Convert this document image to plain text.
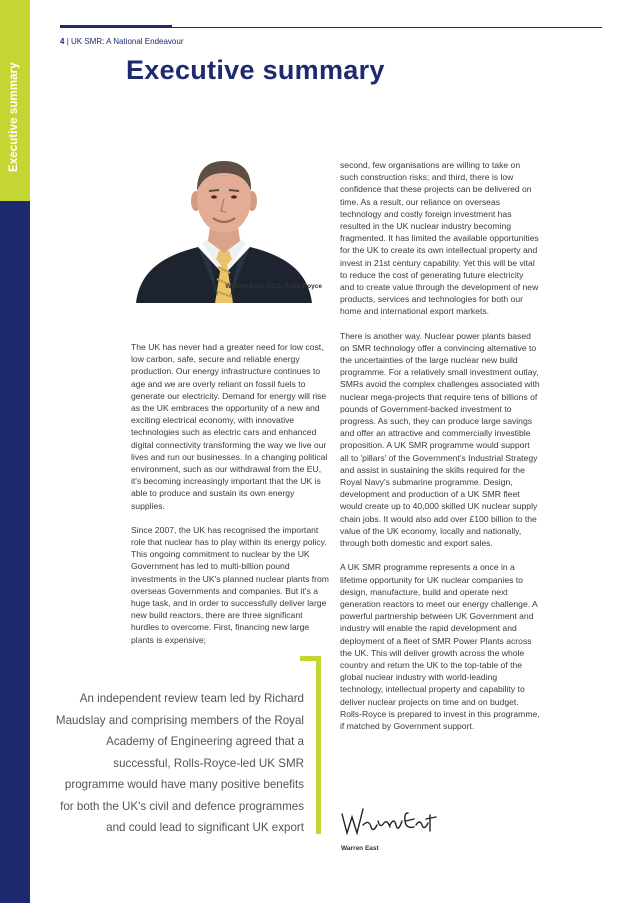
Executive summary
4 | UK SMR: A National Endeavour
Executive summary
Warren East, CEO, Rolls-Royce

The UK has never had a greater need for low cost, low carbon, safe, secure and reliable energy production. Our energy infrastructure continues to age and we are overly reliant on fossil fuels to generate our electricity. Demand for energy will rise as the UK embraces the opportunity of a new and exciting electrical economy, with innovative technologies such as electric cars and enhanced digital connectivity transforming the way we live our lives and run our businesses. In a changing political environment, such as our withdrawal from the EU, it's becoming increasingly important that the UK is able to produce and sustain its own energy supplies.

Since 2007, the UK has recognised the important role that nuclear has to play within its energy policy. This ongoing commitment to nuclear by the UK Government has led to multi-billion pound investments in the UK's planned nuclear plants from overseas Governments and companies. But it's a huge task, and in order to successfully deliver large new build reactors, there are three significant hurdles to overcome. First, financing new large plants is expensive;

second, few organisations are willing to take on such construction risks; and third, there is low confidence that these projects can be delivered on time. As a result, our reliance on overseas technology and costly foreign investment has resulted in the UK nuclear industry becoming fragmented. It has limited the available opportunities for the UK to create its own intellectual property and invest in 21st century capability. Yet this will be vital to reduce the cost of generating future electricity and to create value through the development of new products, services and technologies for both our home and international export markets.

There is another way. Nuclear power plants based on SMR technology offer a convincing alternative to the uncertainties of the large nuclear new build programme. For a relatively small investment outlay, SMRs avoid the complex challenges associated with nuclear mega-projects that require tens of billions of pounds of Government-backed investment to progress. As such, they can produce large savings and offer an attractive and commercially investible proposition. A UK SMR programme would support all to 'pillars' of the Government's Industrial Strategy and assist in sustaining the skills required for the Royal Navy's submarine programme. Design, development and production of a UK SMR fleet would create up to 40,000 skilled UK nuclear supply chain jobs. It would also add over £100 billion to the value of the UK economy, locally and nationally, through both domestic and export sales.

A UK SMR programme represents a once in a lifetime opportunity for UK nuclear companies to design, manufacture, build and operate next generation reactors to meet our energy challenge. A powerful partnership between UK Government and industry will enable the rapid development and deployment of a fleet of SMR Power Plants across the UK. This will deliver growth across the whole country and return the UK to the top-table of the global nuclear industry with world-leading technology, intellectual property and capability to deliver nuclear projects on time and on budget. Rolls-Royce is prepared to invest in this programme, if matched by Government support.

An independent review team led by Richard Maudslay and comprising members of the Royal Academy of Engineering agreed that a successful, Rolls-Royce-led UK SMR programme would have many positive benefits for both the UK's civil and defence programmes and could lead to significant UK export

Warren East
